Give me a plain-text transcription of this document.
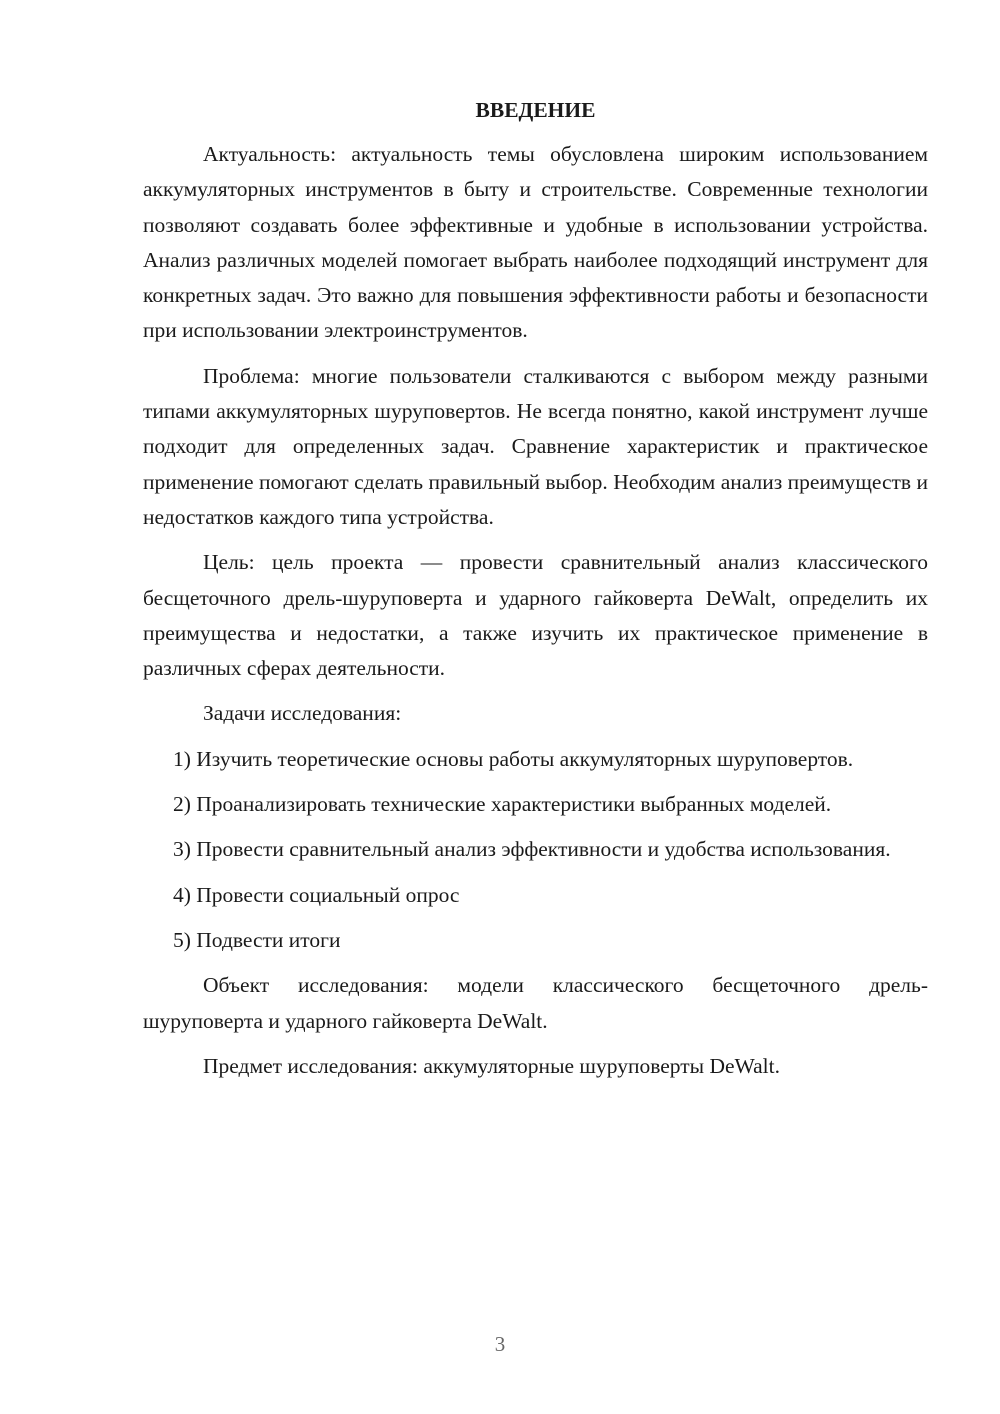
ВВЕДЕНИЕ

Актуальность: актуальность темы обусловлена широким использованием аккумуляторных инструментов в быту и строительстве. Современные технологии позволяют создавать более эффективные и удобные в использовании устройства. Анализ различных моделей помогает выбрать наиболее подходящий инструмент для конкретных задач. Это важно для повышения эффективности работы и безопасности при использовании электроинструментов.

Проблема: многие пользователи сталкиваются с выбором между разными типами аккумуляторных шуруповертов. Не всегда понятно, какой инструмент лучше подходит для определенных задач. Сравнение характеристик и практическое применение помогают сделать правильный выбор. Необходим анализ преимуществ и недостатков каждого типа устройства.

Цель: цель проекта — провести сравнительный анализ классического бесщеточного дрель-шуруповерта и ударного гайковерта DeWalt, определить их преимущества и недостатки, а также изучить их практическое применение в различных сферах деятельности.

Задачи исследования:

1) Изучить теоретические основы работы аккумуляторных шуруповертов.

2) Проанализировать технические характеристики выбранных моделей.

3) Провести сравнительный анализ эффективности и удобства использования.

4) Провести социальный опрос

5) Подвести итоги

Объект исследования: модели классического бесщеточного дрель-шуруповерта и ударного гайковерта DeWalt.

Предмет исследования: аккумуляторные шуруповерты DeWalt.

3
